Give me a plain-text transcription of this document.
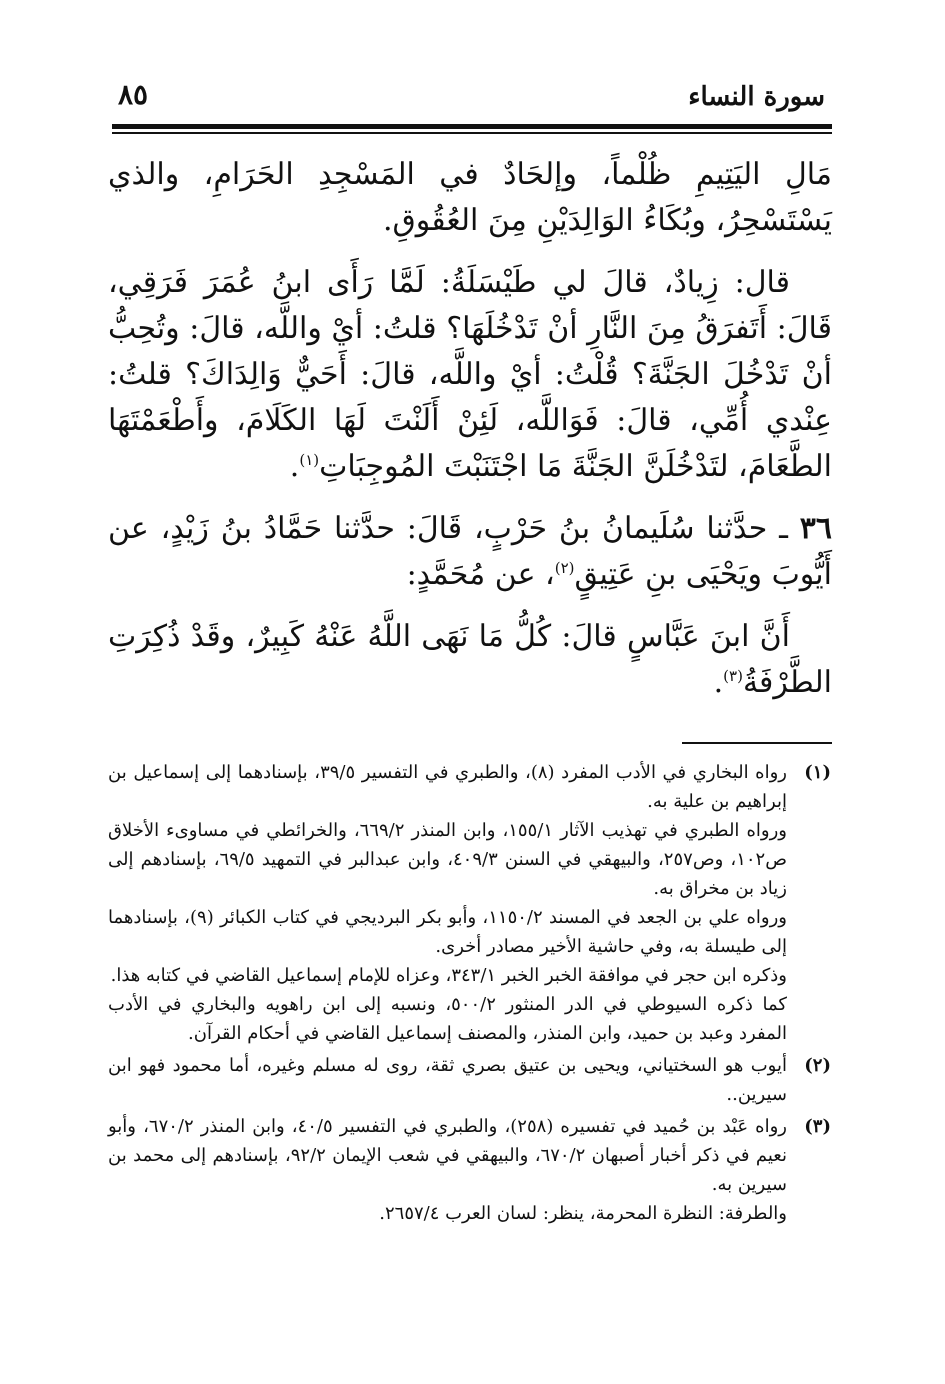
سورة النساء
٨٥

مَالِ اليَتِيمِ ظُلْماً، وإلحَادٌ في المَسْجِدِ الحَرَامِ، والذي يَسْتَسْحِرُ، وبُكَاءُ الوَالِدَيْنِ مِنَ العُقُوقِ.

قال: زِيادٌ، قالَ لي طَيْسَلَةُ: لَمَّا رَأَى ابنُ عُمَرَ فَرَقِي، قَالَ: أَتَفرَقُ مِنَ النَّارِ أنْ تَدْخُلَهَا؟ قلتُ: أيْ واللَّه، قالَ: وتُحِبُّ أنْ تَدْخُلَ الجَنَّةَ؟ قُلْتُ: أيْ واللَّه، قالَ: أَحَيٌّ وَالِدَاكَ؟ قلتُ: عِنْدي أُمِّي، قالَ: فَوَاللَّه، لَئِنْ أَلَنْتَ لَهَا الكَلَامَ، وأَطْعَمْتَهَا الطَّعَامَ، لتَدْخُلَنَّ الجَنَّةَ مَا اجْتَنَبْتَ المُوجِبَاتِ$^{(١)}$.

٣٦ ـ حدَّثنا سُلَيمانُ بنُ حَرْبٍ، قَالَ: حدَّثنا حَمَّادُ بنُ زَيْدٍ، عن أَيُّوبَ ويَحْيَى بنِ عَتِيقٍ$^{(٢)}$، عن مُحَمَّدٍ:

أَنَّ ابنَ عَبَّاسٍ قالَ: كُلُّ مَا نَهَى اللَّهُ عَنْهُ كَبِيرٌ، وقَدْ ذُكِرَتِ الطَّرْفَةُ$^{(٣)}$.

(١)

رواه البخاري في الأدب المفرد (٨)، والطبري في التفسير ٣٩/٥، بإسنادهما إلى إسماعيل بن إبراهيم بن علية به.

ورواه الطبري في تهذيب الآثار ١٥٥/١، وابن المنذر ٦٦٩/٢، والخرائطي في مساوىء الأخلاق ص١٠٢، وص٢٥٧، والبيهقي في السنن ٤٠٩/٣، وابن عبدالبر في التمهيد ٦٩/٥، بإسنادهم إلى زياد بن مخراق به.

ورواه علي بن الجعد في المسند ١١٥٠/٢، وأبو بكر البرديجي في كتاب الكبائر (٩)، بإسنادهما إلى طيسلة به، وفي حاشية الأخير مصادر أخرى.

وذكره ابن حجر في موافقة الخبر الخبر ٣٤٣/١، وعزاه للإمام إسماعيل القاضي في كتابه هذا.

كما ذكره السيوطي في الدر المنثور ٥٠٠/٢، ونسبه إلى ابن راهويه والبخاري في الأدب المفرد وعبد بن حميد، وابن المنذر، والمصنف إسماعيل القاضي في أحكام القرآن.

(٢)

أيوب هو السختياني، ويحيى بن عتيق بصري ثقة، روى له مسلم وغيره، أما محمود فهو ابن سيرين..

(٣)

رواه عَبْد بن حُميد في تفسيره (٢٥٨)، والطبري في التفسير ٤٠/٥، وابن المنذر ٦٧٠/٢، وأبو نعيم في ذكر أخبار أصبهان ٦٧٠/٢، والبيهقي في شعب الإيمان ٩٢/٢، بإسنادهم إلى محمد بن سيرين به.

والطرفة: النظرة المحرمة، ينظر: لسان العرب ٢٦٥٧/٤.
